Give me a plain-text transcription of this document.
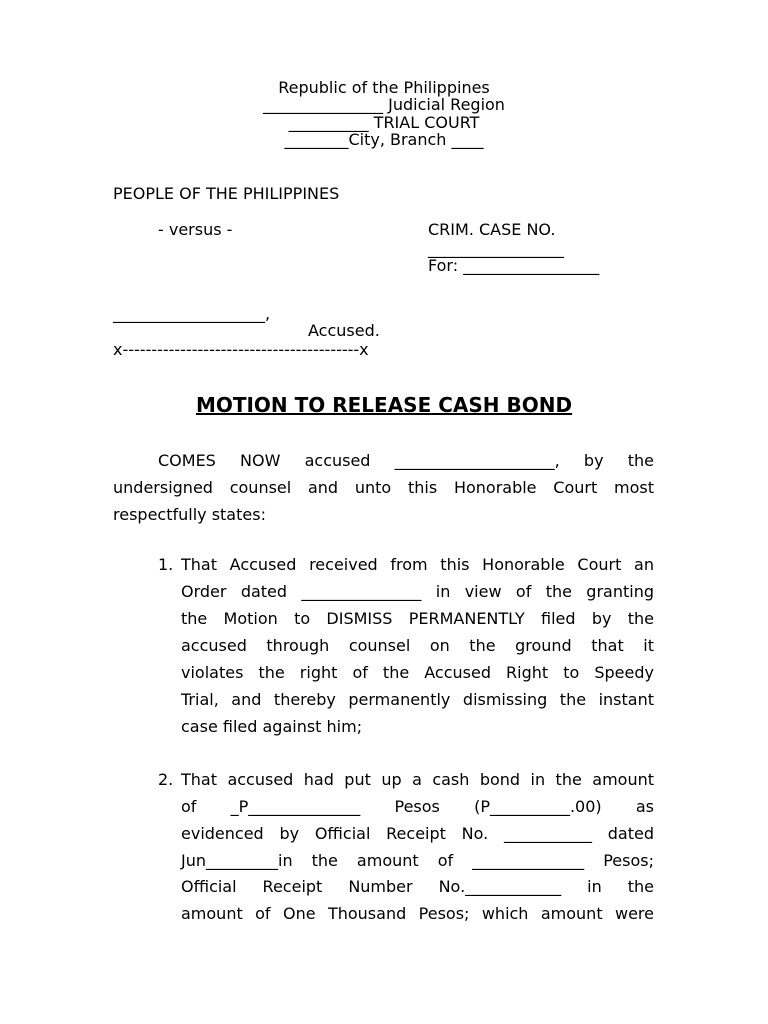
Republic of the Philippines
_______________ Judicial Region
__________ TRIAL COURT
________City, Branch ____
PEOPLE OF THE PHILIPPINES
- versus -	CRIM. CASE NO.
_________________
For: _________________
___________________,
Accused.
x-----------------------------------------x
MOTION TO RELEASE CASH BOND
COMES NOW accused ____________________, by the
undersigned counsel and unto this Honorable Court most
respectfully states:
1. That Accused received from this Honorable Court an
Order dated _______________ in view of the granting
the Motion to DISMISS PERMANENTLY filed by the
accused through counsel on the ground that it
violates the right of the Accused Right to Speedy
Trial, and thereby permanently dismissing the instant
case filed against him;
2. That accused had put up a cash bond in the amount
of _P______________ Pesos (P__________.00) as
evidenced by Official Receipt No. ___________ dated
Jun_________in the amount of ______________ Pesos;
Official Receipt Number No.____________ in the
amount of One Thousand Pesos; which amount were
